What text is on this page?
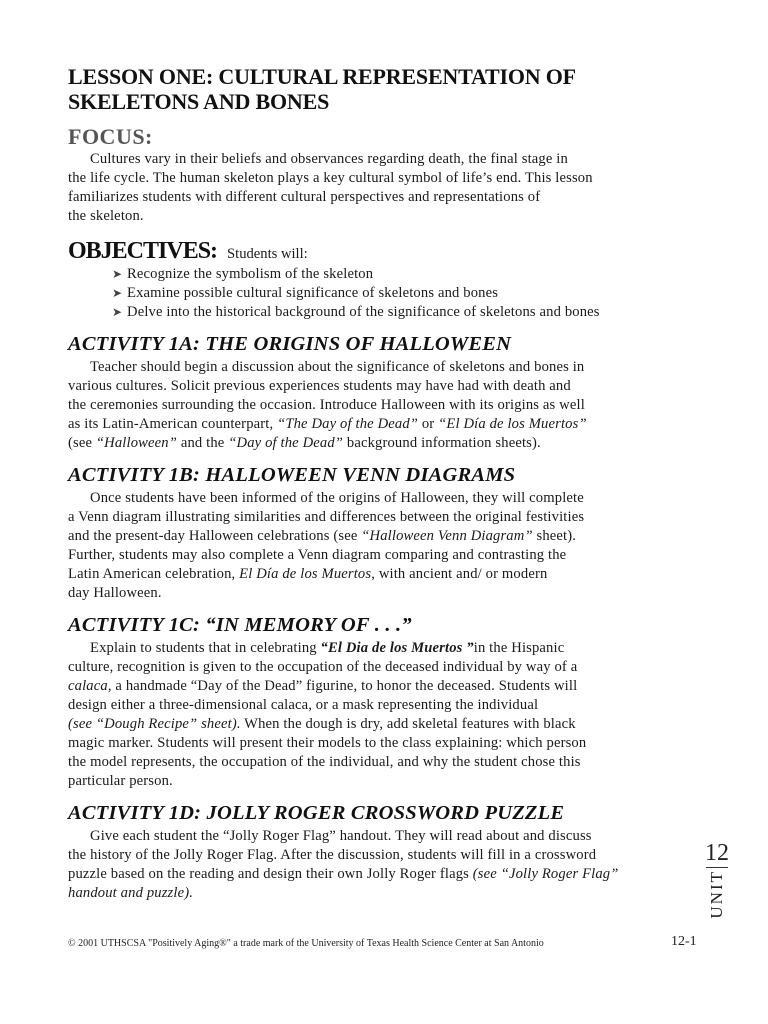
LESSON ONE: CULTURAL REPRESENTATION OF
SKELETONS AND BONES
FOCUS:

Cultures vary in their beliefs and observances regarding death, the final stage in
the life cycle. The human skeleton plays a key cultural symbol of life’s end. This lesson
familiarizes students with different cultural perspectives and representations of
the skeleton.

OBJECTIVES: Students will:
➤ Recognize the symbolism of the skeleton
➤ Examine possible cultural significance of skeletons and bones
➤ Delve into the historical background of the significance of skeletons and bones
ACTIVITY 1A: THE ORIGINS OF HALLOWEEN

Teacher should begin a discussion about the significance of skeletons and bones in
various cultures. Solicit previous experiences students may have had with death and
the ceremonies surrounding the occasion. Introduce Halloween with its origins as well
as its Latin-American counterpart, “The Day of the Dead” or “El Día de los Muertos”
(see “Halloween” and the “Day of the Dead” background information sheets).

ACTIVITY 1B: HALLOWEEN VENN DIAGRAMS

Once students have been informed of the origins of Halloween, they will complete
a Venn diagram illustrating similarities and differences between the original festivities
and the present-day Halloween celebrations (see “Halloween Venn Diagram” sheet).
Further, students may also complete a Venn diagram comparing and contrasting the
Latin American celebration, El Día de los Muertos, with ancient and/ or modern
day Halloween.

ACTIVITY 1C: “IN MEMORY OF . . .”

Explain to students that in celebrating “El Dia de los Muertos ”in the Hispanic
culture, recognition is given to the occupation of the deceased individual by way of a
calaca, a handmade “Day of the Dead” figurine, to honor the deceased. Students will
design either a three-dimensional calaca, or a mask representing the individual
(see “Dough Recipe” sheet). When the dough is dry, add skeletal features with black
magic marker. Students will present their models to the class explaining: which person
the model represents, the occupation of the individual, and why the student chose this
particular person.

ACTIVITY 1D: JOLLY ROGER CROSSWORD PUZZLE

Give each student the “Jolly Roger Flag” handout. They will read about and discuss
the history of the Jolly Roger Flag. After the discussion, students will fill in a crossword
puzzle based on the reading and design their own Jolly Roger flags (see “Jolly Roger Flag”
handout and puzzle).

12
UNIT
© 2001 UTHSCSA "Positively Aging®" a trade mark of the University of Texas Health Science Center at San Antonio	12-1
